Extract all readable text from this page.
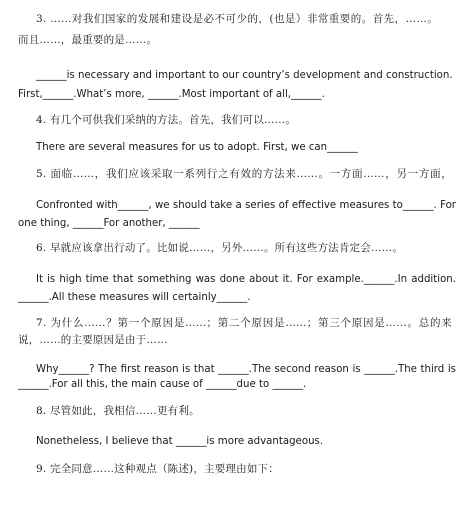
3. ……对我们国家的发展和建设是必不可少的，(也是）非常重要的。首先，……。
而且……，最重要的是……。
______is necessary and important to our country’s development and construction.
First,______.What’s more, ______.Most important of all,______.
4. 有几个可供我们采纳的方法。首先，我们可以……。
There are several measures for us to adopt. First, we can______
5. 面临……，我们应该采取一系列行之有效的方法来……。一方面……，另一方面，
Confronted with______, we should take a series of effective measures to______. For
one thing, ______For another, ______
6. 早就应该拿出行动了。比如说……，另外……。所有这些方法肯定会……。
It is high time that something was done about it. For example.______.In addition.
______.All these measures will certainly______.
7. 为什么……？第一个原因是……；第二个原因是……；第三个原因是……。总的来
说，……的主要原因是由于……
Why______? The first reason is that ______.The second reason is ______.The third is
______.For all this, the main cause of ______due to ______.
8. 尽管如此，我相信……更有利。
Nonetheless, I believe that ______is more advantageous.
9. 完全同意……这种观点（陈述)，主要理由如下：
